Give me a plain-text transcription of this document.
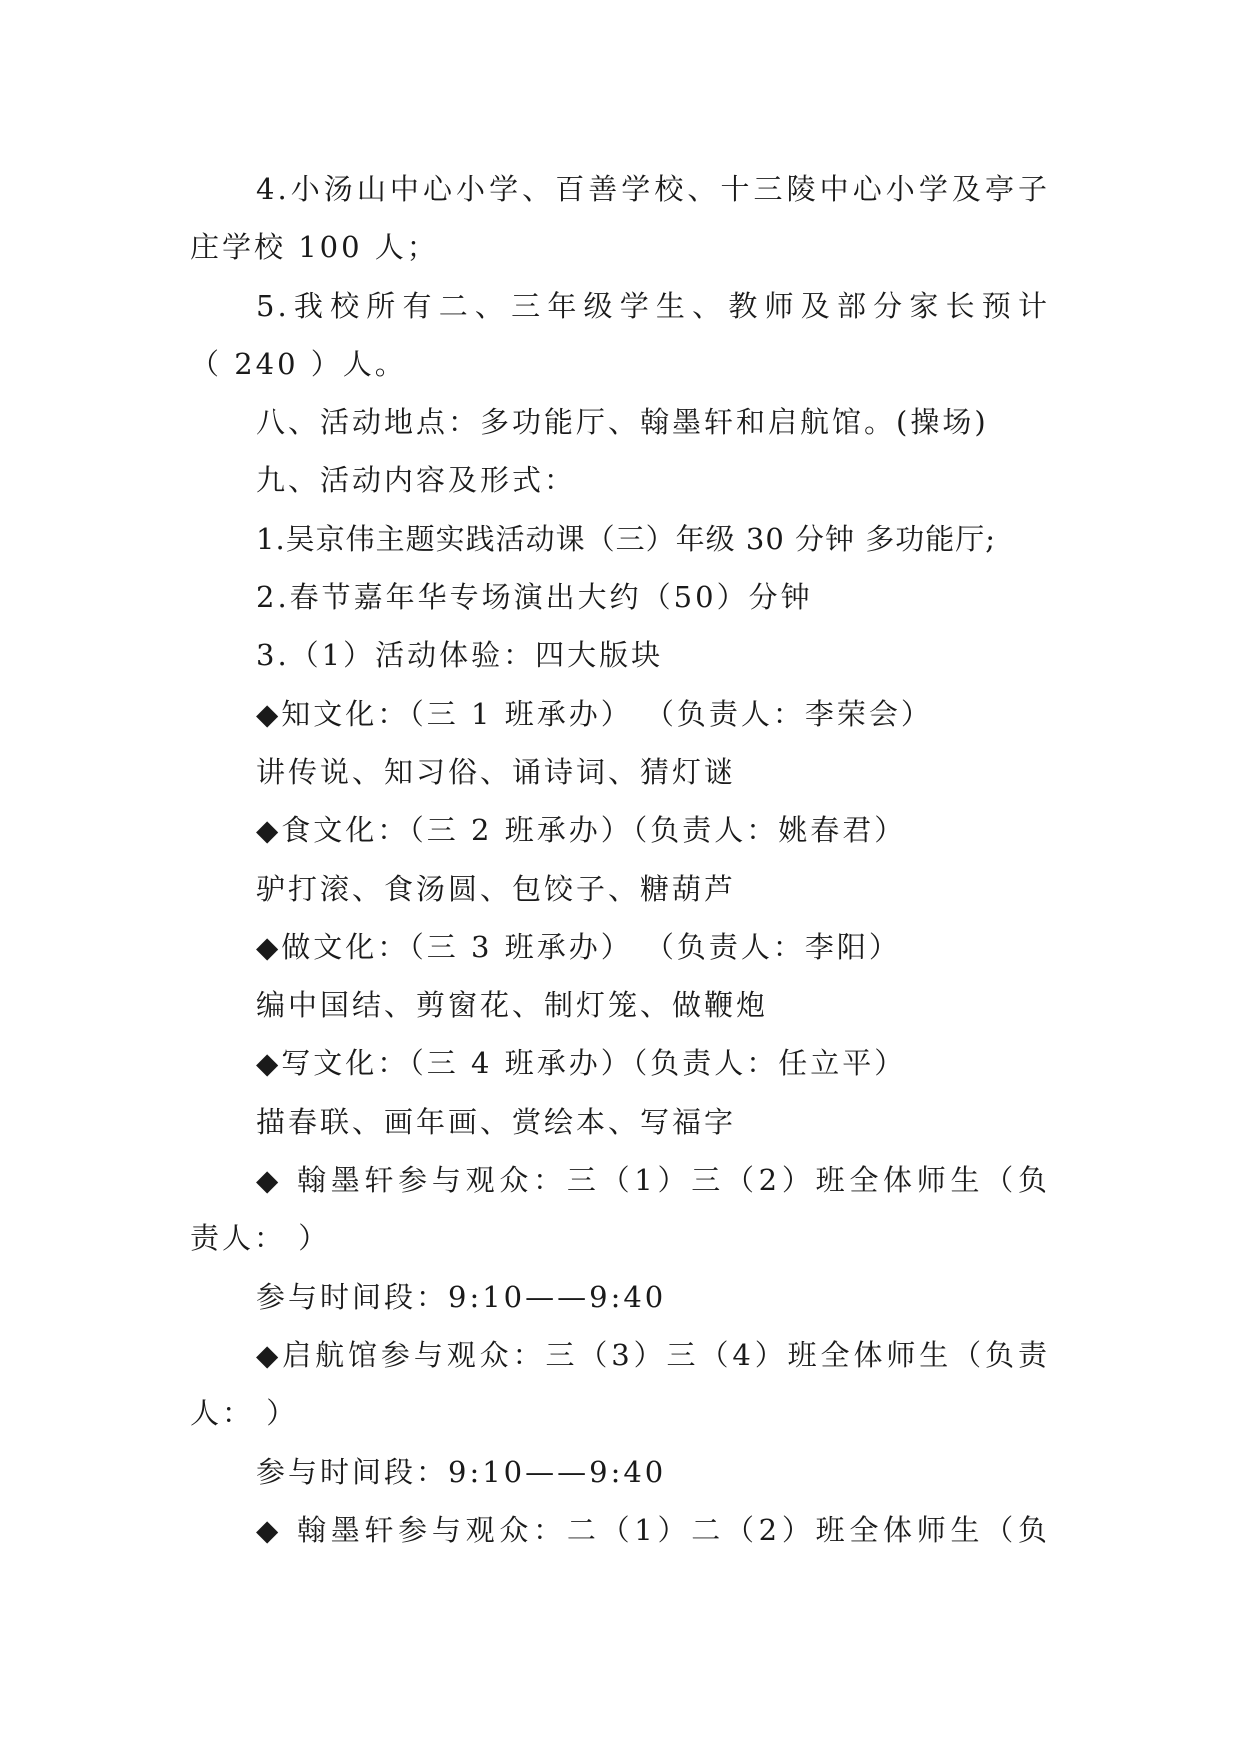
4.小汤山中心小学、百善学校、十三陵中心小学及亭子
庄学校 100 人；
5.我校所有二、三年级学生、教师及部分家长预计
（ 240 ）人。
八、活动地点：多功能厅、翰墨轩和启航馆。(操场)
九、活动内容及形式：
1.吴京伟主题实践活动课（三）年级 30 分钟 多功能厅;
2.春节嘉年华专场演出大约（50）分钟
3.（1）活动体验：四大版块
◆知文化：（三 1 班承办） （负责人：李荣会）
讲传说、知习俗、诵诗词、猜灯谜
◆食文化：（三 2 班承办）（负责人：姚春君）
驴打滚、食汤圆、包饺子、糖葫芦
◆做文化：（三 3 班承办） （负责人：李阳）
编中国结、剪窗花、制灯笼、做鞭炮
◆写文化：（三 4 班承办）（负责人：任立平）
描春联、画年画、赏绘本、写福字
◆ 翰墨轩参与观众：三（1）三（2）班全体师生（负
责人： ）
参与时间段：9:10——9:40
◆启航馆参与观众：三（3）三（4）班全体师生（负责
人： ）
参与时间段：9:10——9:40
◆ 翰墨轩参与观众：二（1）二（2）班全体师生（负
